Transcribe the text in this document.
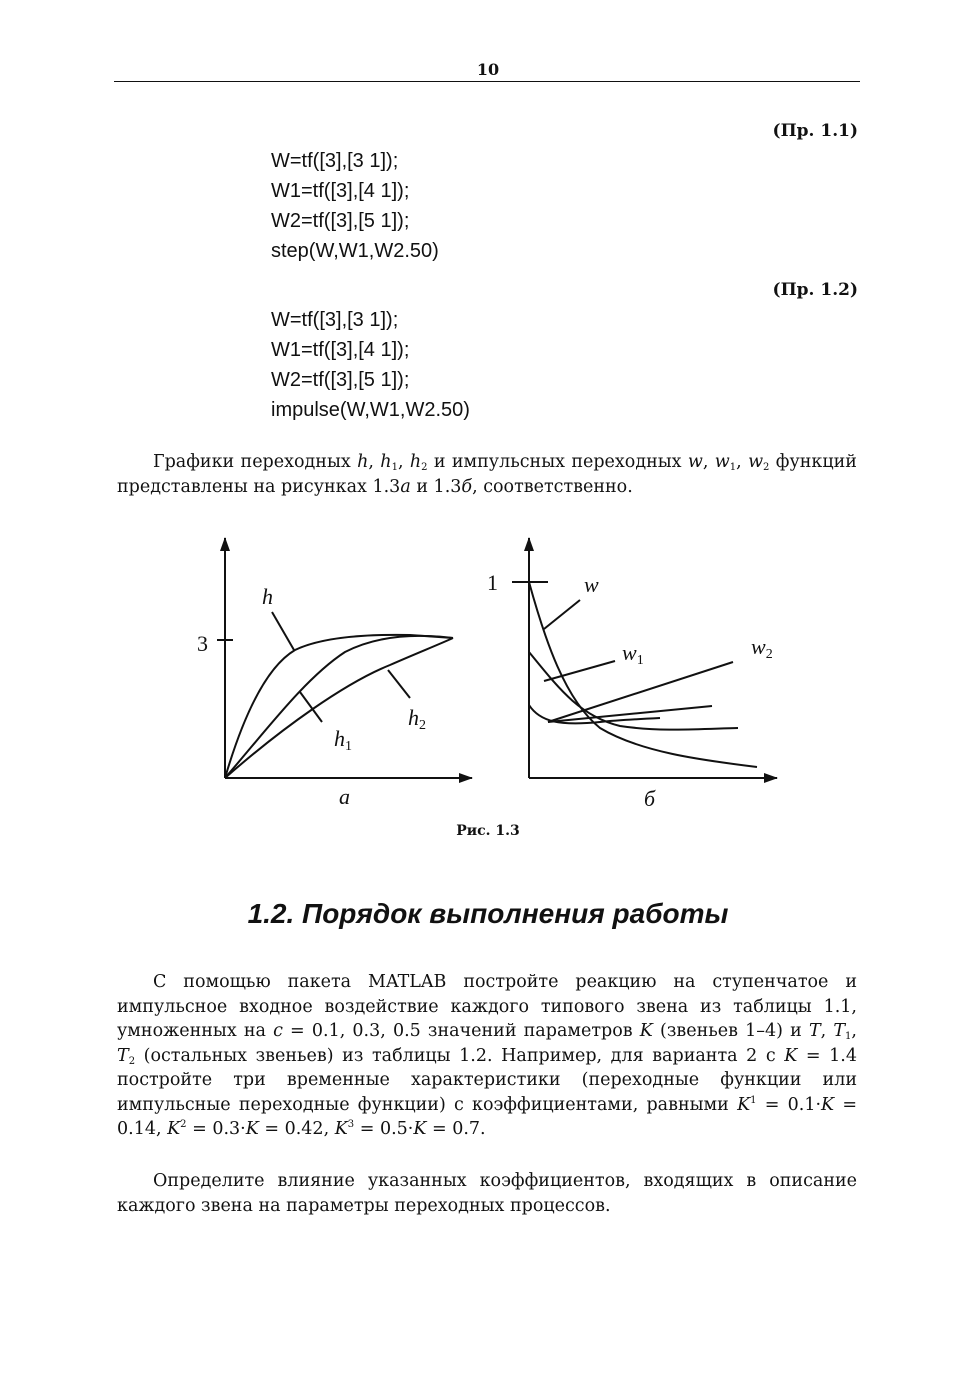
10
(Пр. 1.1)
W=tf([3],[3 1]);
W1=tf([3],[4 1]);
W2=tf([3],[5 1]);
step(W,W1,W2.50)
(Пр. 1.2)
W=tf([3],[3 1]);
W1=tf([3],[4 1]);
W2=tf([3],[5 1]);
impulse(W,W1,W2.50)
Графики переходных h, $h_1$, $h_2$ и импульсных переходных w, $w_1$, $w_2$ функций представлены на рисунках 1.3а и 1.3б, соответственно.
3
h
h1
h2
а
1	w
w1
w2
б
Рис. 1.3
1.2. Порядок выполнения работы
С помощью пакета MATLAB постройте реакцию на ступенчатое и импульсное входное воздействие каждого типового звена из таблицы 1.1, умноженных на c = 0.1, 0.3, 0.5 значений параметров K (звеньев 1–4) и T, $T_1$, $T_2$ (остальных звеньев) из таблицы 1.2. Например, для варианта 2 с K = 1.4 постройте три временные характеристики (переходные функции или импульсные переходные функции) с коэффициентами, равными $K^1 = 0.1\cdot K = 0.14$, $K^2 = 0.3\cdot K = 0.42$, $K^3 = 0.5\cdot K = 0.7$.
Определите влияние указанных коэффициентов, входящих в описание каждого звена на параметры переходных процессов.
